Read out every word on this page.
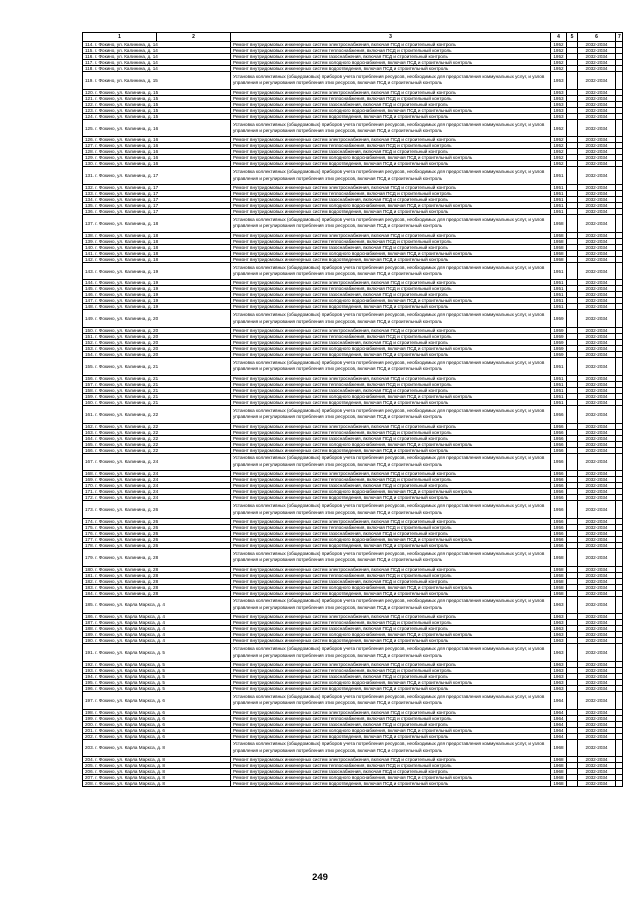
1	2	3	4	5	6	7
114. г. Фокино, ул. Калинина, д. 14		Ремонт внутридомовых инженерных систем электроснабжения, включая ПСД и строительный контроль	1952		2032-2034	
115. г. Фокино, ул. Калинина, д. 14		Ремонт внутридомовых инженерных систем теплоснабжения, включая ПСД и строительный контроль	1952		2032-2034	
116. г. Фокино, ул. Калинина, д. 14		Ремонт внутридомовых инженерных систем газоснабжения, включая ПСД и строительный контроль	1952		2032-2034	
117. г. Фокино, ул. Калинина, д. 14		Ремонт внутридомовых инженерных систем холодного водоснабжения, включая ПСД и строительный контроль	1952		2032-2034	
118. г. Фокино, ул. Калинина, д. 14		Ремонт внутридомовых инженерных систем водоотведения, включая ПСД и строительный контроль	1952		2032-2034	
119. г. Фокино, ул. Калинина, д. 15		Установка коллективных (общедомовых) приборов учета потребления ресурсов, необходимых для предоставления коммунальных услуг, и узлов управления и регулирования потребления этих ресурсов, включая ПСД и строительный контроль	1953		2032-2034	
120. г. Фокино, ул. Калинина, д. 15		Ремонт внутридомовых инженерных систем электроснабжения, включая ПСД и строительный контроль	1953		2032-2034	
121. г. Фокино, ул. Калинина, д. 15		Ремонт внутридомовых инженерных систем теплоснабжения, включая ПСД и строительный контроль	1953		2032-2034	
122. г. Фокино, ул. Калинина, д. 15		Ремонт внутридомовых инженерных систем газоснабжения, включая ПСД и строительный контроль	1953		2032-2034	
123. г. Фокино, ул. Калинина, д. 15		Ремонт внутридомовых инженерных систем холодного водоснабжения, включая ПСД и строительный контроль	1953		2032-2034	
124. г. Фокино, ул. Калинина, д. 15		Ремонт внутридомовых инженерных систем водоотведения, включая ПСД и строительный контроль	1953		2032-2034	
125. г. Фокино, ул. Калинина, д. 16		Установка коллективных (общедомовых) приборов учета потребления ресурсов, необходимых для предоставления коммунальных услуг, и узлов управления и регулирования потребления этих ресурсов, включая ПСД и строительный контроль	1952		2032-2034	
126. г. Фокино, ул. Калинина, д. 16		Ремонт внутридомовых инженерных систем электроснабжения, включая ПСД и строительный контроль	1952		2032-2034	
127. г. Фокино, ул. Калинина, д. 16		Ремонт внутридомовых инженерных систем теплоснабжения, включая ПСД и строительный контроль	1952		2032-2034	
128. г. Фокино, ул. Калинина, д. 16		Ремонт внутридомовых инженерных систем газоснабжения, включая ПСД и строительный контроль	1952		2032-2034	
129. г. Фокино, ул. Калинина, д. 16		Ремонт внутридомовых инженерных систем холодного водоснабжения, включая ПСД и строительный контроль	1952		2032-2034	
130. г. Фокино, ул. Калинина, д. 16		Ремонт внутридомовых инженерных систем водоотведения, включая ПСД и строительный контроль	1952		2032-2034	
131. г. Фокино, ул. Калинина, д. 17		Установка коллективных (общедомовых) приборов учета потребления ресурсов, необходимых для предоставления коммунальных услуг, и узлов управления и регулирования потребления этих ресурсов, включая ПСД и строительный контроль	1951		2032-2034	
132. г. Фокино, ул. Калинина, д. 17		Ремонт внутридомовых инженерных систем электроснабжения, включая ПСД и строительный контроль	1951		2032-2034	
133. г. Фокино, ул. Калинина, д. 17		Ремонт внутридомовых инженерных систем теплоснабжения, включая ПСД и строительный контроль	1951		2032-2034	
134. г. Фокино, ул. Калинина, д. 17		Ремонт внутридомовых инженерных систем газоснабжения, включая ПСД и строительный контроль	1951		2032-2034	
135. г. Фокино, ул. Калинина, д. 17		Ремонт внутридомовых инженерных систем холодного водоснабжения, включая ПСД и строительный контроль	1951		2032-2034	
136. г. Фокино, ул. Калинина, д. 17		Ремонт внутридомовых инженерных систем водоотведения, включая ПСД и строительный контроль	1951		2032-2034	
137. г. Фокино, ул. Калинина, д. 18		Установка коллективных (общедомовых) приборов учета потребления ресурсов, необходимых для предоставления коммунальных услуг, и узлов управления и регулирования потребления этих ресурсов, включая ПСД и строительный контроль	1958		2032-2034	
138. г. Фокино, ул. Калинина, д. 18		Ремонт внутридомовых инженерных систем электроснабжения, включая ПСД и строительный контроль	1958		2032-2034	
139. г. Фокино, ул. Калинина, д. 18		Ремонт внутридомовых инженерных систем теплоснабжения, включая ПСД и строительный контроль	1958		2032-2034	
140. г. Фокино, ул. Калинина, д. 18		Ремонт внутридомовых инженерных систем газоснабжения, включая ПСД и строительный контроль	1958		2032-2034	
141. г. Фокино, ул. Калинина, д. 18		Ремонт внутридомовых инженерных систем холодного водоснабжения, включая ПСД и строительный контроль	1958		2032-2034	
142. г. Фокино, ул. Калинина, д. 18		Ремонт внутридомовых инженерных систем водоотведения, включая ПСД и строительный контроль	1958		2032-2034	
143. г. Фокино, ул. Калинина, д. 19		Установка коллективных (общедомовых) приборов учета потребления ресурсов, необходимых для предоставления коммунальных услуг, и узлов управления и регулирования потребления этих ресурсов, включая ПСД и строительный контроль	1951		2032-2034	
144. г. Фокино, ул. Калинина, д. 19		Ремонт внутридомовых инженерных систем электроснабжения, включая ПСД и строительный контроль	1951		2032-2034	
145. г. Фокино, ул. Калинина, д. 19		Ремонт внутридомовых инженерных систем теплоснабжения, включая ПСД и строительный контроль	1951		2032-2034	
146. г. Фокино, ул. Калинина, д. 19		Ремонт внутридомовых инженерных систем газоснабжения, включая ПСД и строительный контроль	1951		2032-2034	
147. г. Фокино, ул. Калинина, д. 19		Ремонт внутридомовых инженерных систем холодного водоснабжения, включая ПСД и строительный контроль	1951		2032-2034	
148. г. Фокино, ул. Калинина, д. 19		Ремонт внутридомовых инженерных систем водоотведения, включая ПСД и строительный контроль	1951		2032-2034	
149. г. Фокино, ул. Калинина, д. 20		Установка коллективных (общедомовых) приборов учета потребления ресурсов, необходимых для предоставления коммунальных услуг, и узлов управления и регулирования потребления этих ресурсов, включая ПСД и строительный контроль	1959		2032-2034	
150. г. Фокино, ул. Калинина, д. 20		Ремонт внутридомовых инженерных систем электроснабжения, включая ПСД и строительный контроль	1959		2032-2034	
151. г. Фокино, ул. Калинина, д. 20		Ремонт внутридомовых инженерных систем теплоснабжения, включая ПСД и строительный контроль	1959		2032-2034	
152. г. Фокино, ул. Калинина, д. 20		Ремонт внутридомовых инженерных систем газоснабжения, включая ПСД и строительный контроль	1959		2032-2034	
153. г. Фокино, ул. Калинина, д. 20		Ремонт внутридомовых инженерных систем холодного водоснабжения, включая ПСД и строительный контроль	1959		2032-2034	
154. г. Фокино, ул. Калинина, д. 20		Ремонт внутридомовых инженерных систем водоотведения, включая ПСД и строительный контроль	1959		2032-2034	
155. г. Фокино, ул. Калинина, д. 21		Установка коллективных (общедомовых) приборов учета потребления ресурсов, необходимых для предоставления коммунальных услуг, и узлов управления и регулирования потребления этих ресурсов, включая ПСД и строительный контроль	1951		2032-2034	
156. г. Фокино, ул. Калинина, д. 21		Ремонт внутридомовых инженерных систем электроснабжения, включая ПСД и строительный контроль	1951		2032-2034	
157. г. Фокино, ул. Калинина, д. 21		Ремонт внутридомовых инженерных систем теплоснабжения, включая ПСД и строительный контроль	1951		2032-2034	
158. г. Фокино, ул. Калинина, д. 21		Ремонт внутридомовых инженерных систем газоснабжения, включая ПСД и строительный контроль	1951		2032-2034	
159. г. Фокино, ул. Калинина, д. 21		Ремонт внутридомовых инженерных систем холодного водоснабжения, включая ПСД и строительный контроль	1951		2032-2034	
160. г. Фокино, ул. Калинина, д. 21		Ремонт внутридомовых инженерных систем водоотведения, включая ПСД и строительный контроль	1951		2032-2034	
161. г. Фокино, ул. Калинина, д. 22		Установка коллективных (общедомовых) приборов учета потребления ресурсов, необходимых для предоставления коммунальных услуг, и узлов управления и регулирования потребления этих ресурсов, включая ПСД и строительный контроль	1956		2032-2034	
162. г. Фокино, ул. Калинина, д. 22		Ремонт внутридомовых инженерных систем электроснабжения, включая ПСД и строительный контроль	1956		2032-2034	
163. г. Фокино, ул. Калинина, д. 22		Ремонт внутридомовых инженерных систем теплоснабжения, включая ПСД и строительный контроль	1956		2032-2034	
164. г. Фокино, ул. Калинина, д. 22		Ремонт внутридомовых инженерных систем газоснабжения, включая ПСД и строительный контроль	1956		2032-2034	
165. г. Фокино, ул. Калинина, д. 22		Ремонт внутридомовых инженерных систем холодного водоснабжения, включая ПСД и строительный контроль	1956		2032-2034	
166. г. Фокино, ул. Калинина, д. 22		Ремонт внутридомовых инженерных систем водоотведения, включая ПСД и строительный контроль	1956		2032-2034	
167. г. Фокино, ул. Калинина, д. 24		Установка коллективных (общедомовых) приборов учета потребления ресурсов, необходимых для предоставления коммунальных услуг, и узлов управления и регулирования потребления этих ресурсов, включая ПСД и строительный контроль	1956		2032-2034	
168. г. Фокино, ул. Калинина, д. 24		Ремонт внутридомовых инженерных систем электроснабжения, включая ПСД и строительный контроль	1956		2032-2034	
169. г. Фокино, ул. Калинина, д. 24		Ремонт внутридомовых инженерных систем теплоснабжения, включая ПСД и строительный контроль	1956		2032-2034	
170. г. Фокино, ул. Калинина, д. 24		Ремонт внутридомовых инженерных систем газоснабжения, включая ПСД и строительный контроль	1956		2032-2034	
171. г. Фокино, ул. Калинина, д. 24		Ремонт внутридомовых инженерных систем холодного водоснабжения, включая ПСД и строительный контроль	1956		2032-2034	
172. г. Фокино, ул. Калинина, д. 24		Ремонт внутридомовых инженерных систем водоотведения, включая ПСД и строительный контроль	1956		2032-2034	
173. г. Фокино, ул. Калинина, д. 26		Установка коллективных (общедомовых) приборов учета потребления ресурсов, необходимых для предоставления коммунальных услуг, и узлов управления и регулирования потребления этих ресурсов, включая ПСД и строительный контроль	1956		2032-2034	
174. г. Фокино, ул. Калинина, д. 26		Ремонт внутридомовых инженерных систем электроснабжения, включая ПСД и строительный контроль	1956		2032-2034	
175. г. Фокино, ул. Калинина, д. 26		Ремонт внутридомовых инженерных систем теплоснабжения, включая ПСД и строительный контроль	1956		2032-2034	
176. г. Фокино, ул. Калинина, д. 26		Ремонт внутридомовых инженерных систем газоснабжения, включая ПСД и строительный контроль	1956		2032-2034	
177. г. Фокино, ул. Калинина, д. 26		Ремонт внутридомовых инженерных систем холодного водоснабжения, включая ПСД и строительный контроль	1956		2032-2034	
178. г. Фокино, ул. Калинина, д. 26		Ремонт внутридомовых инженерных систем водоотведения, включая ПСД и строительный контроль	1956		2032-2034	
179. г. Фокино, ул. Калинина, д. 28		Установка коллективных (общедомовых) приборов учета потребления ресурсов, необходимых для предоставления коммунальных услуг, и узлов управления и регулирования потребления этих ресурсов, включая ПСД и строительный контроль	1958		2032-2034	
180. г. Фокино, ул. Калинина, д. 28		Ремонт внутридомовых инженерных систем электроснабжения, включая ПСД и строительный контроль	1958		2032-2034	
181. г. Фокино, ул. Калинина, д. 28		Ремонт внутридомовых инженерных систем теплоснабжения, включая ПСД и строительный контроль	1958		2032-2034	
182. г. Фокино, ул. Калинина, д. 28		Ремонт внутридомовых инженерных систем газоснабжения, включая ПСД и строительный контроль	1958		2032-2034	
183. г. Фокино, ул. Калинина, д. 28		Ремонт внутридомовых инженерных систем холодного водоснабжения, включая ПСД и строительный контроль	1958		2032-2034	
184. г. Фокино, ул. Калинина, д. 28		Ремонт внутридомовых инженерных систем водоотведения, включая ПСД и строительный контроль	1958		2032-2034	
185. г. Фокино, ул. Карла Маркса, д. 4		Установка коллективных (общедомовых) приборов учета потребления ресурсов, необходимых для предоставления коммунальных услуг, и узлов управления и регулирования потребления этих ресурсов, включая ПСД и строительный контроль	1963		2032-2034	
186. г. Фокино, ул. Карла Маркса, д. 4		Ремонт внутридомовых инженерных систем электроснабжения, включая ПСД и строительный контроль	1963		2032-2034	
187. г. Фокино, ул. Карла Маркса, д. 4		Ремонт внутридомовых инженерных систем теплоснабжения, включая ПСД и строительный контроль	1963		2032-2034	
188. г. Фокино, ул. Карла Маркса, д. 4		Ремонт внутридомовых инженерных систем газоснабжения, включая ПСД и строительный контроль	1963		2032-2034	
189. г. Фокино, ул. Карла Маркса, д. 4		Ремонт внутридомовых инженерных систем холодного водоснабжения, включая ПСД и строительный контроль	1963		2032-2034	
190. г. Фокино, ул. Карла Маркса, д. 4		Ремонт внутридомовых инженерных систем водоотведения, включая ПСД и строительный контроль	1963		2032-2034	
191. г. Фокино, ул. Карла Маркса, д. 5		Установка коллективных (общедомовых) приборов учета потребления ресурсов, необходимых для предоставления коммунальных услуг, и узлов управления и регулирования потребления этих ресурсов, включая ПСД и строительный контроль	1963		2032-2034	
192. г. Фокино, ул. Карла Маркса, д. 5		Ремонт внутридомовых инженерных систем электроснабжения, включая ПСД и строительный контроль	1963		2032-2034	
193. г. Фокино, ул. Карла Маркса, д. 5		Ремонт внутридомовых инженерных систем теплоснабжения, включая ПСД и строительный контроль	1963		2032-2034	
194. г. Фокино, ул. Карла Маркса, д. 5		Ремонт внутридомовых инженерных систем газоснабжения, включая ПСД и строительный контроль	1963		2032-2034	
195. г. Фокино, ул. Карла Маркса, д. 5		Ремонт внутридомовых инженерных систем холодного водоснабжения, включая ПСД и строительный контроль	1963		2032-2034	
196. г. Фокино, ул. Карла Маркса, д. 5		Ремонт внутридомовых инженерных систем водоотведения, включая ПСД и строительный контроль	1963		2032-2034	
197. г. Фокино, ул. Карла Маркса, д. 6		Установка коллективных (общедомовых) приборов учета потребления ресурсов, необходимых для предоставления коммунальных услуг, и узлов управления и регулирования потребления этих ресурсов, включая ПСД и строительный контроль	1964		2032-2034	
198. г. Фокино, ул. Карла Маркса, д. 6		Ремонт внутридомовых инженерных систем электроснабжения, включая ПСД и строительный контроль	1964		2032-2034	
199. г. Фокино, ул. Карла Маркса, д. 6		Ремонт внутридомовых инженерных систем теплоснабжения, включая ПСД и строительный контроль	1964		2032-2034	
200. г. Фокино, ул. Карла Маркса, д. 6		Ремонт внутридомовых инженерных систем газоснабжения, включая ПСД и строительный контроль	1964		2032-2034	
201. г. Фокино, ул. Карла Маркса, д. 6		Ремонт внутридомовых инженерных систем холодного водоснабжения, включая ПСД и строительный контроль	1964		2032-2034	
202. г. Фокино, ул. Карла Маркса, д. 6		Ремонт внутридомовых инженерных систем водоотведения, включая ПСД и строительный контроль	1964		2032-2034	
203. г. Фокино, ул. Карла Маркса, д. 8		Установка коллективных (общедомовых) приборов учета потребления ресурсов, необходимых для предоставления коммунальных услуг, и узлов управления и регулирования потребления этих ресурсов, включая ПСД и строительный контроль	1968		2032-2034	
204. г. Фокино, ул. Карла Маркса, д. 8		Ремонт внутридомовых инженерных систем электроснабжения, включая ПСД и строительный контроль	1968		2032-2034	
205. г. Фокино, ул. Карла Маркса, д. 8		Ремонт внутридомовых инженерных систем теплоснабжения, включая ПСД и строительный контроль	1968		2032-2034	
206. г. Фокино, ул. Карла Маркса, д. 8		Ремонт внутридомовых инженерных систем газоснабжения, включая ПСД и строительный контроль	1968		2032-2034	
207. г. Фокино, ул. Карла Маркса, д. 8		Ремонт внутридомовых инженерных систем холодного водоснабжения, включая ПСД и строительный контроль	1968		2032-2034	
208. г. Фокино, ул. Карла Маркса, д. 8		Ремонт внутридомовых инженерных систем водоотведения, включая ПСД и строительный контроль	1968		2032-2034	
249
